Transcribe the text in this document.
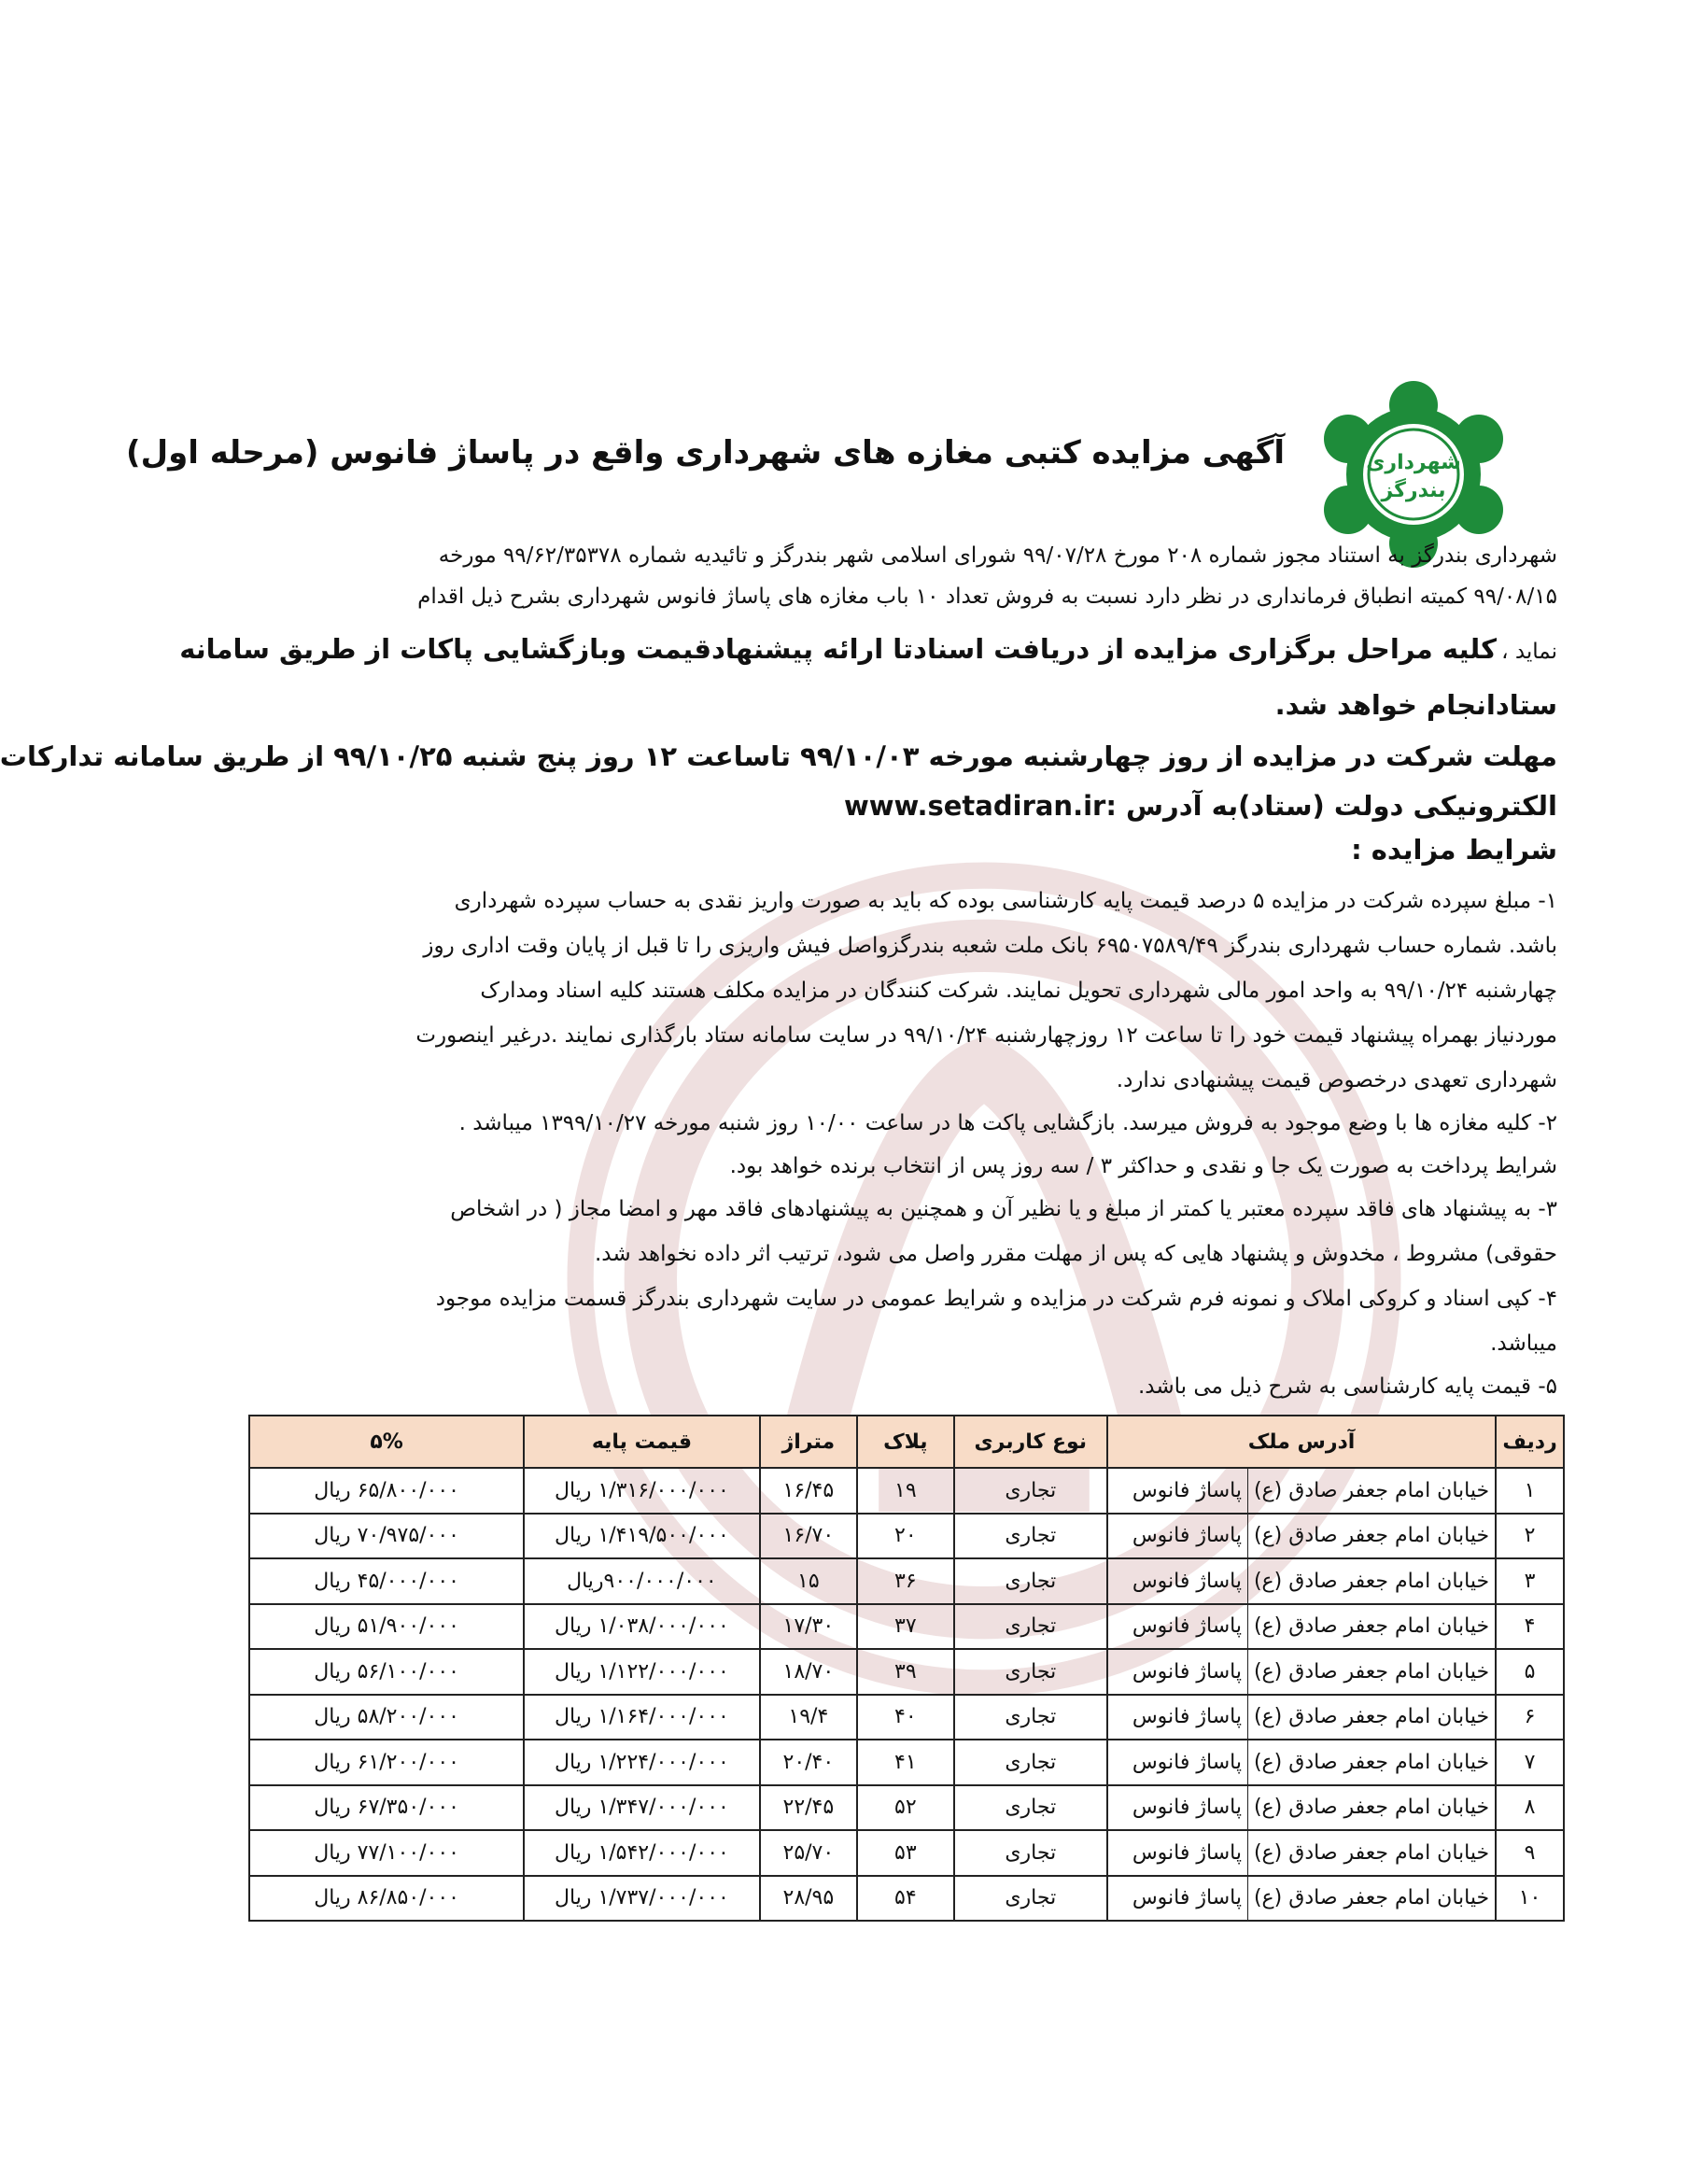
شهرداری
بندرگز
آگهی مزایده کتبی مغازه های شهرداری واقع در پاساژ فانوس (مرحله اول)

شهرداری بندرگز به استناد مجوز شماره ۲۰۸ مورخ ۹۹/۰۷/۲۸ شورای اسلامی شهر بندرگز و تائیدیه شماره ۹۹/۶۲/۳۵۳۷۸ مورخه

۹۹/۰۸/۱۵ کمیته انطباق فرمانداری در نظر دارد نسبت به فروش تعداد ۱۰ باب مغازه های پاساژ فانوس شهرداری بشرح ذیل اقدام

نماید ، کلیه مراحل برگزاری مزایده از دریافت اسنادتا ارائه پیشنهادقیمت وبازگشایی پاکات از طریق سامانه

ستادانجام خواهد شد.

مهلت شرکت در مزایده از روز چهارشنبه مورخه ۹۹/۱۰/۰۳ تاساعت ۱۲ روز پنج شنبه ۹۹/۱۰/۲۵ از طریق سامانه تدارکات

الکترونیکی دولت (ستاد)به آدرس :www.setadiran.ir

شرایط مزایده :

۱- مبلغ سپرده شرکت در مزایده ۵ درصد قیمت پایه کارشناسی بوده که باید به صورت واریز نقدی به حساب سپرده شهرداری

باشد. شماره حساب شهرداری بندرگز ۶۹۵۰۷۵۸۹/۴۹ بانک ملت شعبه بندرگزواصل فیش واریزی را تا قبل از پایان وقت اداری روز

چهارشنبه ۹۹/۱۰/۲۴ به واحد امور مالی شهرداری تحویل نمایند. شرکت کنندگان در مزایده مکلف هستند کلیه اسناد ومدارک

موردنیاز بهمراه پیشنهاد قیمت خود را تا ساعت ۱۲ روزچهارشنبه ۹۹/۱۰/۲۴ در سایت سامانه ستاد بارگذاری نمایند .درغیر اینصورت

شهرداری تعهدی درخصوص قیمت پیشنهادی ندارد.

۲- کلیه مغازه ها با وضع موجود به فروش میرسد. بازگشایی پاکت ها در ساعت ۱۰/۰۰ روز شنبه مورخه ۱۳۹۹/۱۰/۲۷ میباشد .

شرایط پرداخت به صورت یک جا و نقدی و حداکثر ۳ / سه روز پس از انتخاب برنده خواهد بود.

۳- به پیشنهاد های فاقد سپرده معتبر یا کمتر از مبلغ و یا نظیر آن و همچنین به پیشنهادهای فاقد مهر و امضا مجاز ( در اشخاص

حقوقی) مشروط ، مخدوش و پشنهاد هایی که پس از مهلت مقرر واصل می شود، ترتیب اثر داده نخواهد شد.

۴- کپی اسناد و کروکی املاک و نمونه فرم شرکت در مزایده و شرایط عمومی در سایت شهرداری بندرگز قسمت مزایده موجود

میباشد.

۵- قیمت پایه کارشناسی به شرح ذیل می باشد.

ردیف	آدرس ملک		نوع کاربری	پلاک	متراژ	قیمت پایه	۵%
۱	خیابان امام جعفر صادق (ع)	پاساژ فانوس	تجاری	۱۹	۱۶/۴۵	۱/۳۱۶/۰۰۰/۰۰۰ ریال	۶۵/۸۰۰/۰۰۰ ریال
۲	خیابان امام جعفر صادق (ع)	پاساژ فانوس	تجاری	۲۰	۱۶/۷۰	۱/۴۱۹/۵۰۰/۰۰۰ ریال	۷۰/۹۷۵/۰۰۰ ریال
۳	خیابان امام جعفر صادق (ع)	پاساژ فانوس	تجاری	۳۶	۱۵	۹۰۰/۰۰۰/۰۰۰ریال	۴۵/۰۰۰/۰۰۰ ریال
۴	خیابان امام جعفر صادق (ع)	پاساژ فانوس	تجاری	۳۷	۱۷/۳۰	۱/۰۳۸/۰۰۰/۰۰۰ ریال	۵۱/۹۰۰/۰۰۰ ریال
۵	خیابان امام جعفر صادق (ع)	پاساژ فانوس	تجاری	۳۹	۱۸/۷۰	۱/۱۲۲/۰۰۰/۰۰۰ ریال	۵۶/۱۰۰/۰۰۰ ریال
۶	خیابان امام جعفر صادق (ع)	پاساژ فانوس	تجاری	۴۰	۱۹/۴	۱/۱۶۴/۰۰۰/۰۰۰ ریال	۵۸/۲۰۰/۰۰۰ ریال
۷	خیابان امام جعفر صادق (ع)	پاساژ فانوس	تجاری	۴۱	۲۰/۴۰	۱/۲۲۴/۰۰۰/۰۰۰ ریال	۶۱/۲۰۰/۰۰۰ ریال
۸	خیابان امام جعفر صادق (ع)	پاساژ فانوس	تجاری	۵۲	۲۲/۴۵	۱/۳۴۷/۰۰۰/۰۰۰ ریال	۶۷/۳۵۰/۰۰۰ ریال
۹	خیابان امام جعفر صادق (ع)	پاساژ فانوس	تجاری	۵۳	۲۵/۷۰	۱/۵۴۲/۰۰۰/۰۰۰ ریال	۷۷/۱۰۰/۰۰۰ ریال
۱۰	خیابان امام جعفر صادق (ع)	پاساژ فانوس	تجاری	۵۴	۲۸/۹۵	۱/۷۳۷/۰۰۰/۰۰۰ ریال	۸۶/۸۵۰/۰۰۰ ریال
